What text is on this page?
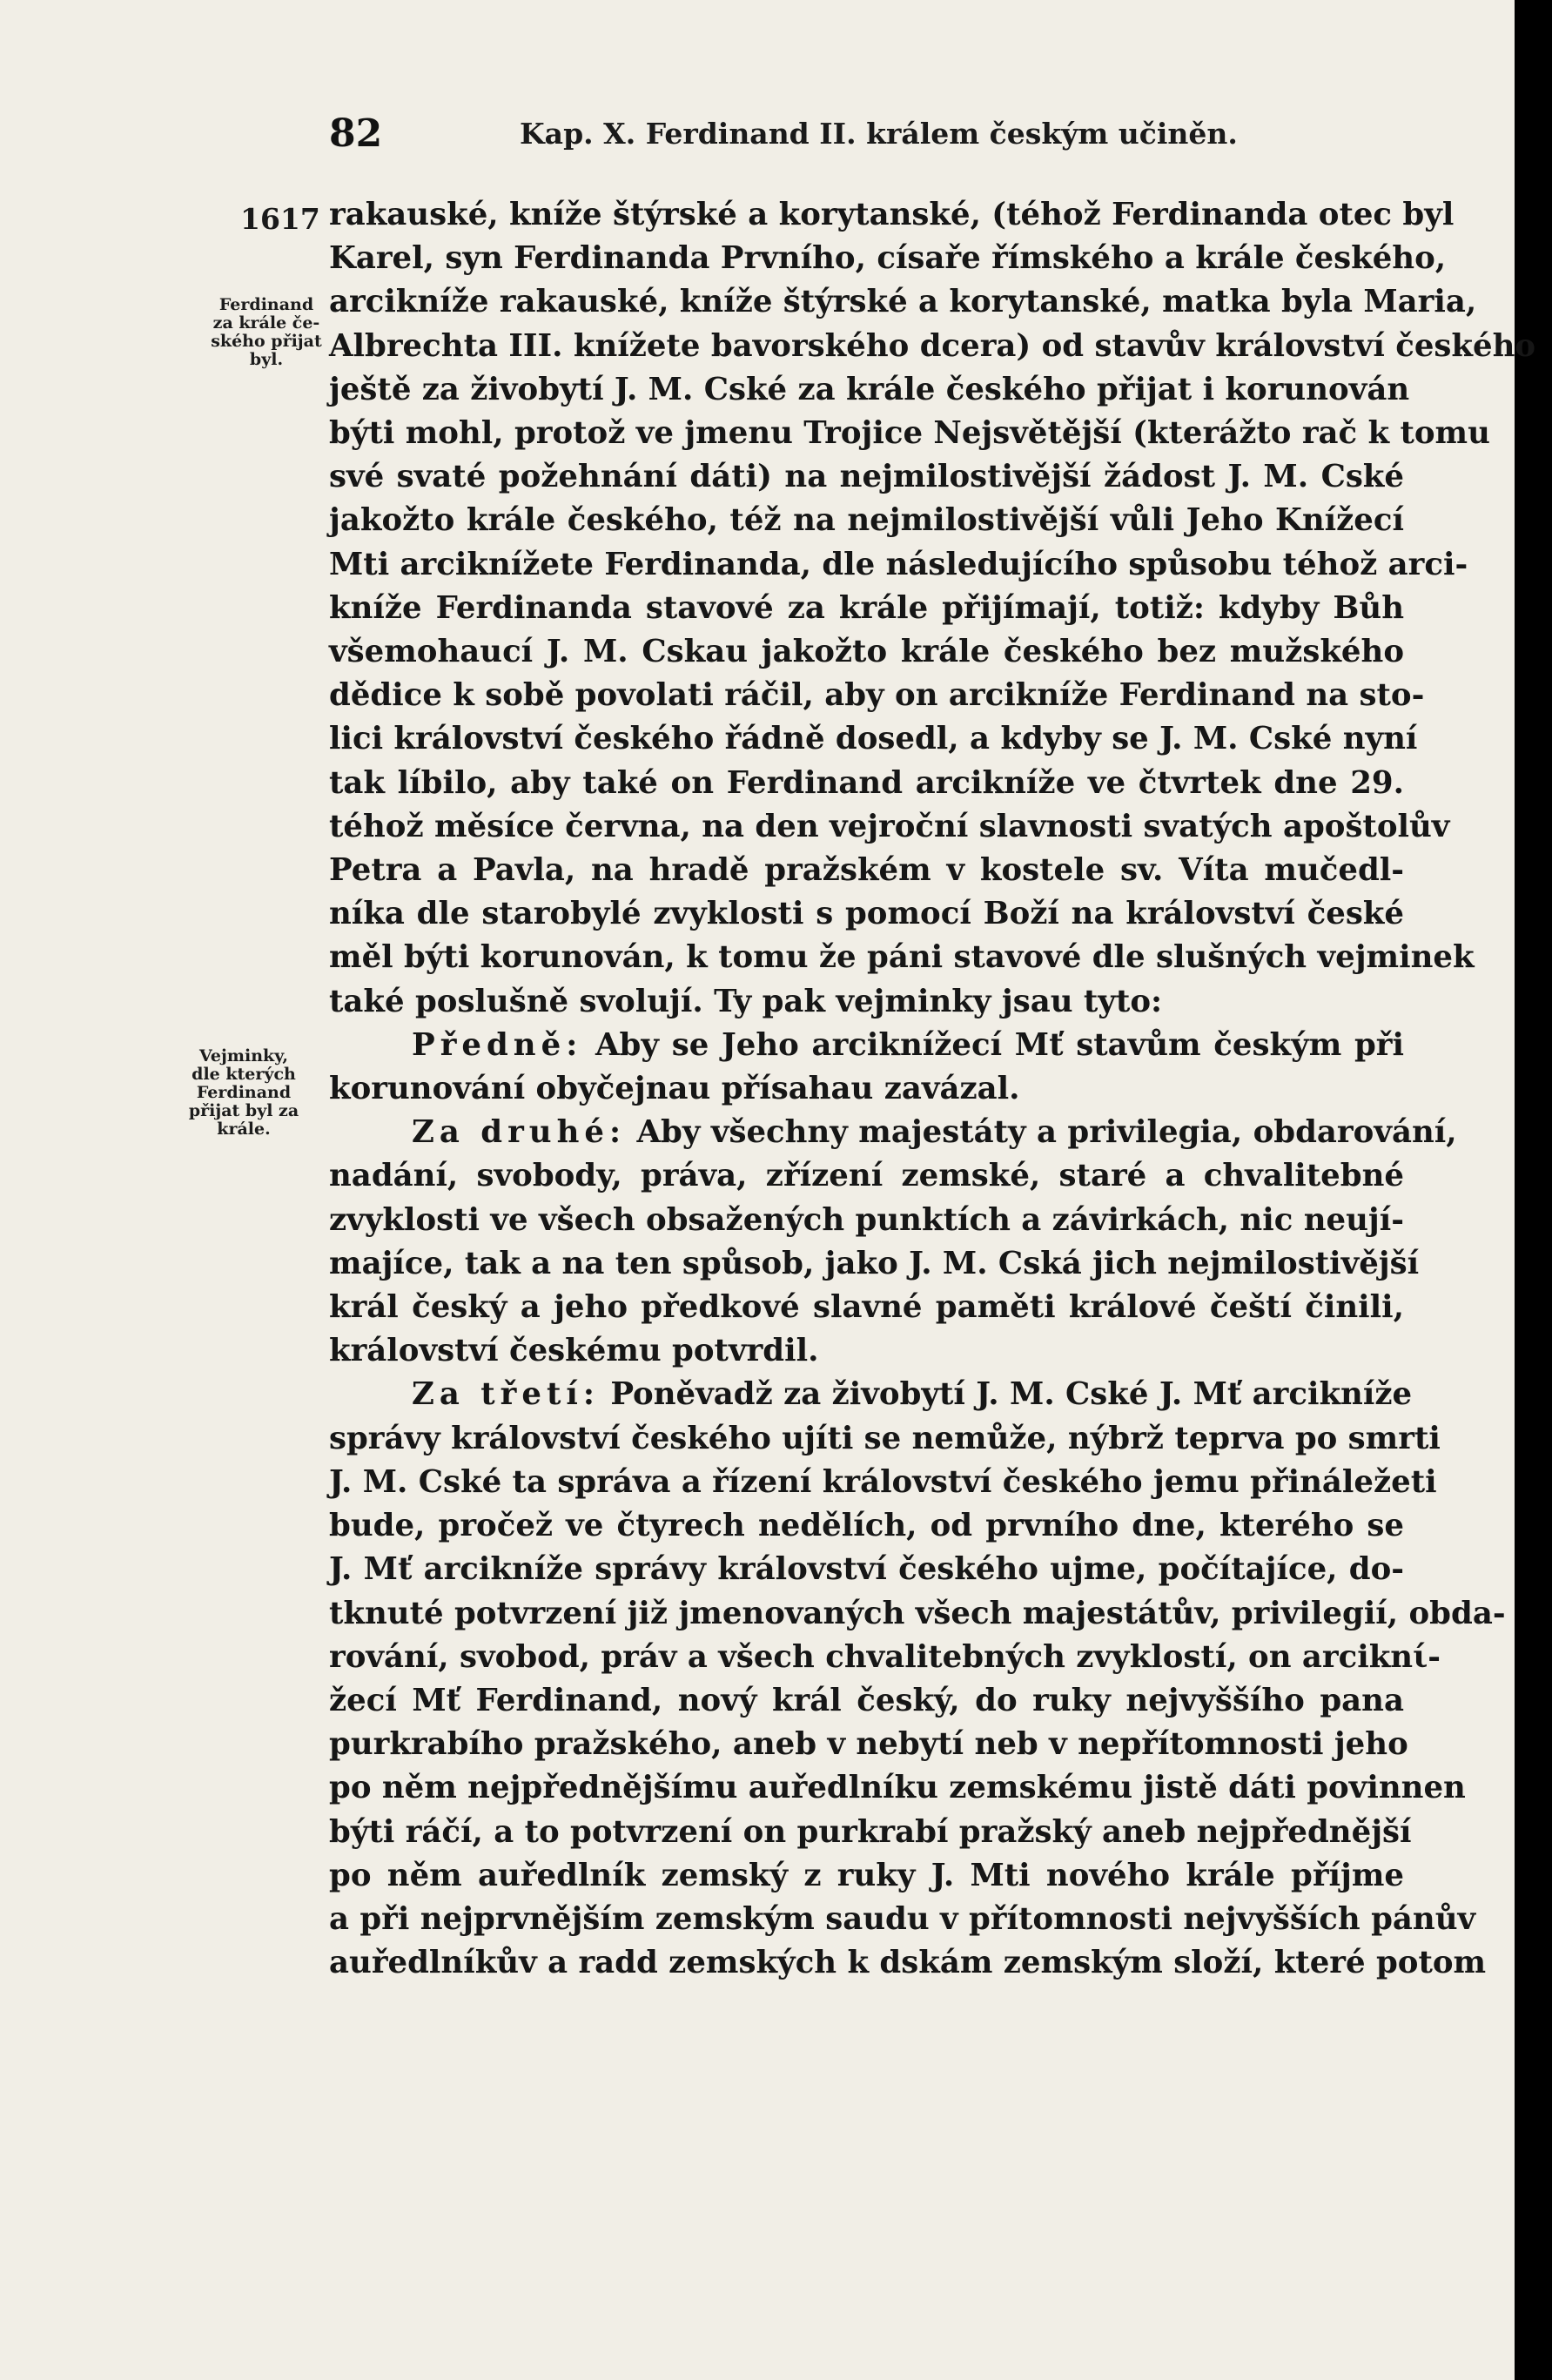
82	Kap. X. Ferdinand II. králem českým učiněn.
1617
Ferdinand
za krále če-
ského přijat
byl.
Vejminky,
dle kterých
Ferdinand
přijat byl za
krále.
rakauské, kníže štýrské a korytanské, (téhož Ferdinanda otec byl
Karel, syn Ferdinanda Prvního, císaře římského a krále českého,
arcikníže rakauské, kníže štýrské a korytanské, matka byla Maria,
Albrechta III. knížete bavorského dcera) od stavův království českého
ještě za živobytí J. M. Cské za krále českého přijat i korunován
býti mohl, protož ve jmenu Trojice Nejsvětější (kterážto rač k tomu
své svaté požehnání dáti) na nejmilostivější žádost J. M. Cské
jakožto krále českého, též na nejmilostivější vůli Jeho Knížecí
Mti arciknížete Ferdinanda, dle následujícího spůsobu téhož arci-
kníže Ferdinanda stavové za krále přijímají, totiž: kdyby Bůh
všemohaucí J. M. Cskau jakožto krále českého bez mužského
dědice k sobě povolati ráčil, aby on arcikníže Ferdinand na sto-
lici království českého řádně dosedl, a kdyby se J. M. Cské nyní
tak líbilo, aby také on Ferdinand arcikníže ve čtvrtek dne 29.
téhož měsíce června, na den vejroční slavnosti svatých apoštolův
Petra a Pavla, na hradě pražském v kostele sv. Víta mučedl-
níka dle starobylé zvyklosti s pomocí Boží na království české
měl býti korunován, k tomu že páni stavové dle slušných vejminek
také poslušně svolují. Ty pak vejminky jsau tyto:
Předně: Aby se Jeho arciknížecí Mť stavům českým při
korunování obyčejnau přísahau zavázal.
Za druhé: Aby všechny majestáty a privilegia, obdarování,
nadání, svobody, práva, zřízení zemské, staré a chvalitebné
zvyklosti ve všech obsažených punktích a závirkách, nic neují-
majíce, tak a na ten spůsob, jako J. M. Cská jich nejmilostivější
král český a jeho předkové slavné paměti králové čeští činili,
království českému potvrdil.
Za třetí: Poněvadž za živobytí J. M. Cské J. Mť arcikníže
správy království českého ujíti se nemůže, nýbrž teprva po smrti
J. M. Cské ta správa a řízení království českého jemu přináležeti
bude, pročež ve čtyrech nedělích, od prvního dne, kterého se
J. Mť arcikníže správy království českého ujme, počítajíce, do-
tknuté potvrzení již jmenovaných všech majestátův, privilegií, obda-
rování, svobod, práv a všech chvalitebných zvyklostí, on arciknί-
žecí Mť Ferdinand, nový král český, do ruky nejvyššího pana
purkrabího pražského, aneb v nebytí neb v nepřítomnosti jeho
po něm nejpřednějšímu auředlníku zemskému jistě dáti povinnen
býti ráčí, a to potvrzení on purkrabí pražský aneb nejpřednější
po něm auředlník zemský z ruky J. Mti nového krále příjme
a při nejprvnějším zemským saudu v přítomnosti nejvyšších pánův
auředlníkův a radd zemských k dskám zemským složí, které potom
